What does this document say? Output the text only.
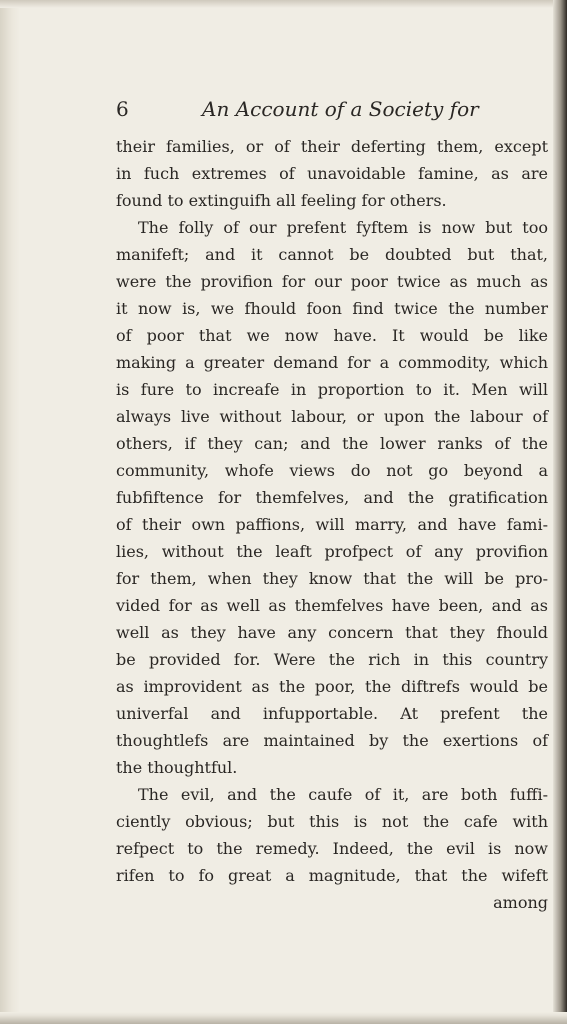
6	An Account of a Society for
their families, or of their deferting them, except
in fuch extremes of unavoidable famine, as are
found to extinguifh all feeling for others.
The folly of our prefent fyftem is now but too
manifeft; and it cannot be doubted but that,
were the provifion for our poor twice as much as
it now is, we fhould foon find twice the number
of poor that we now have. It would be like
making a greater demand for a commodity, which
is fure to increafe in proportion to it. Men will
always live without labour, or upon the labour of
others, if they can; and the lower ranks of the
community, whofe views do not go beyond a
fubfiftence for themfelves, and the gratification
of their own paffions, will marry, and have fami-
lies, without the leaft profpect of any provifion
for them, when they know that the will be pro-
vided for as well as themfelves have been, and as
well as they have any concern that they fhould
be provided for. Were the rich in this country
as improvident as the poor, the diftrefs would be
univerfal and infupportable. At prefent the
thoughtlefs are maintained by the exertions of
the thoughtful.
The evil, and the caufe of it, are both fuffi-
ciently obvious; but this is not the cafe with
refpect to the remedy. Indeed, the evil is now
rifen to fo great a magnitude, that the wifeft
among
